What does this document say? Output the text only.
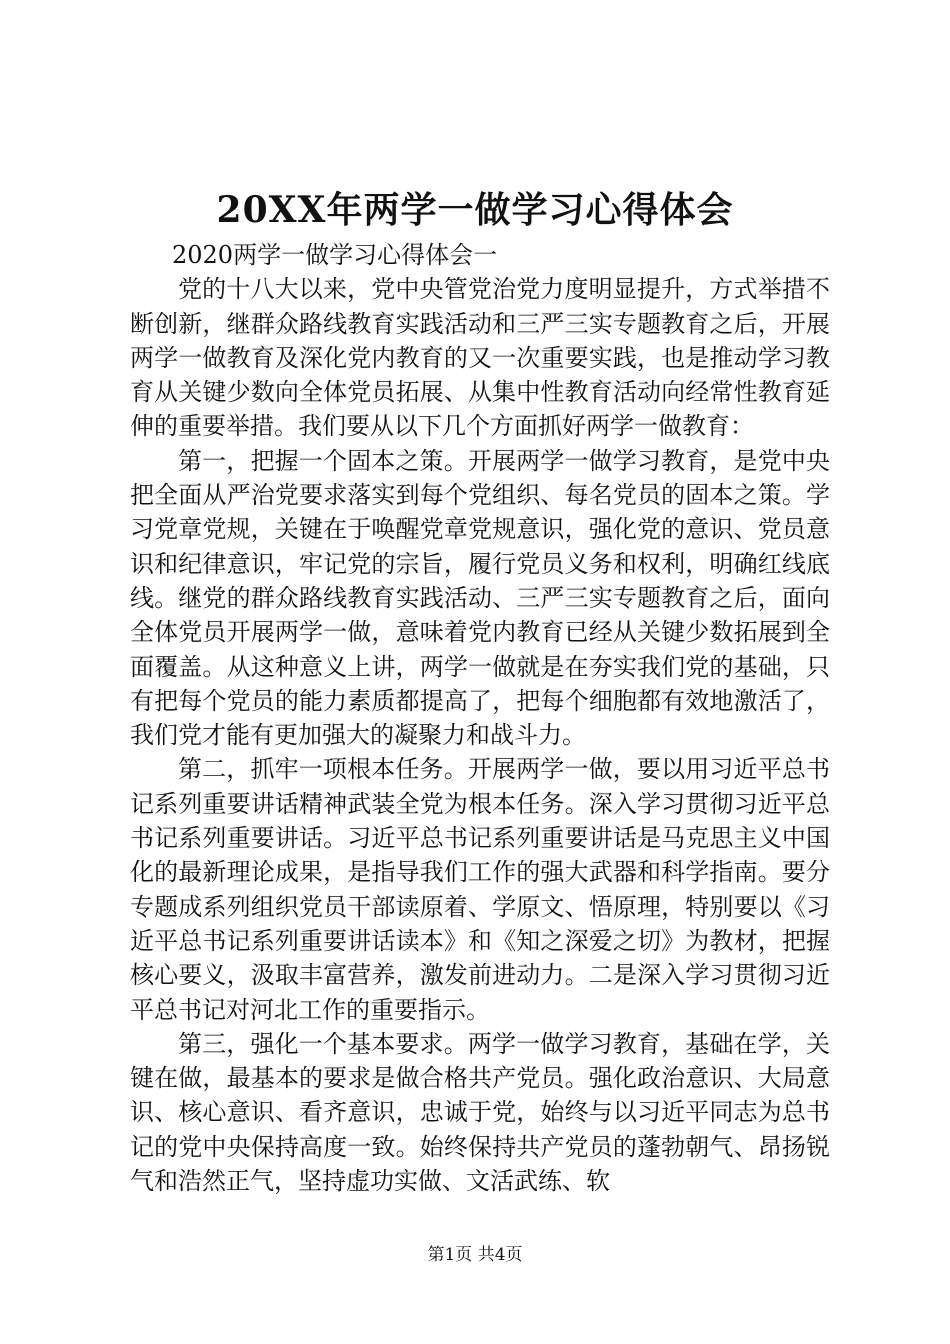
20XX年两学一做学习心得体会

2020两学一做学习心得体会一

党的十八大以来，党中央管党治党力度明显提升，方式举措不断创新，继群众路线教育实践活动和三严三实专题教育之后，开展两学一做教育及深化党内教育的又一次重要实践，也是推动学习教育从关键少数向全体党员拓展、从集中性教育活动向经常性教育延伸的重要举措。我们要从以下几个方面抓好两学一做教育：

第一，把握一个固本之策。开展两学一做学习教育，是党中央把全面从严治党要求落实到每个党组织、每名党员的固本之策。学习党章党规，关键在于唤醒党章党规意识，强化党的意识、党员意识和纪律意识，牢记党的宗旨，履行党员义务和权利，明确红线底线。继党的群众路线教育实践活动、三严三实专题教育之后，面向全体党员开展两学一做，意味着党内教育已经从关键少数拓展到全面覆盖。从这种意义上讲，两学一做就是在夯实我们党的基础，只有把每个党员的能力素质都提高了，把每个细胞都有效地激活了，我们党才能有更加强大的凝聚力和战斗力。

第二，抓牢一项根本任务。开展两学一做，要以用习近平总书记系列重要讲话精神武装全党为根本任务。深入学习贯彻习近平总书记系列重要讲话。习近平总书记系列重要讲话是马克思主义中国化的最新理论成果，是指导我们工作的强大武器和科学指南。要分专题成系列组织党员干部读原着、学原文、悟原理，特别要以《习近平总书记系列重要讲话读本》和《知之深爱之切》为教材，把握核心要义，汲取丰富营养，激发前进动力。二是深入学习贯彻习近平总书记对河北工作的重要指示。

第三，强化一个基本要求。两学一做学习教育，基础在学，关键在做，最基本的要求是做合格共产党员。强化政治意识、大局意识、核心意识、看齐意识，忠诚于党，始终与以习近平同志为总书记的党中央保持高度一致。始终保持共产党员的蓬勃朝气、昂扬锐气和浩然正气，坚持虚功实做、文活武练、软

第1页 共4页
